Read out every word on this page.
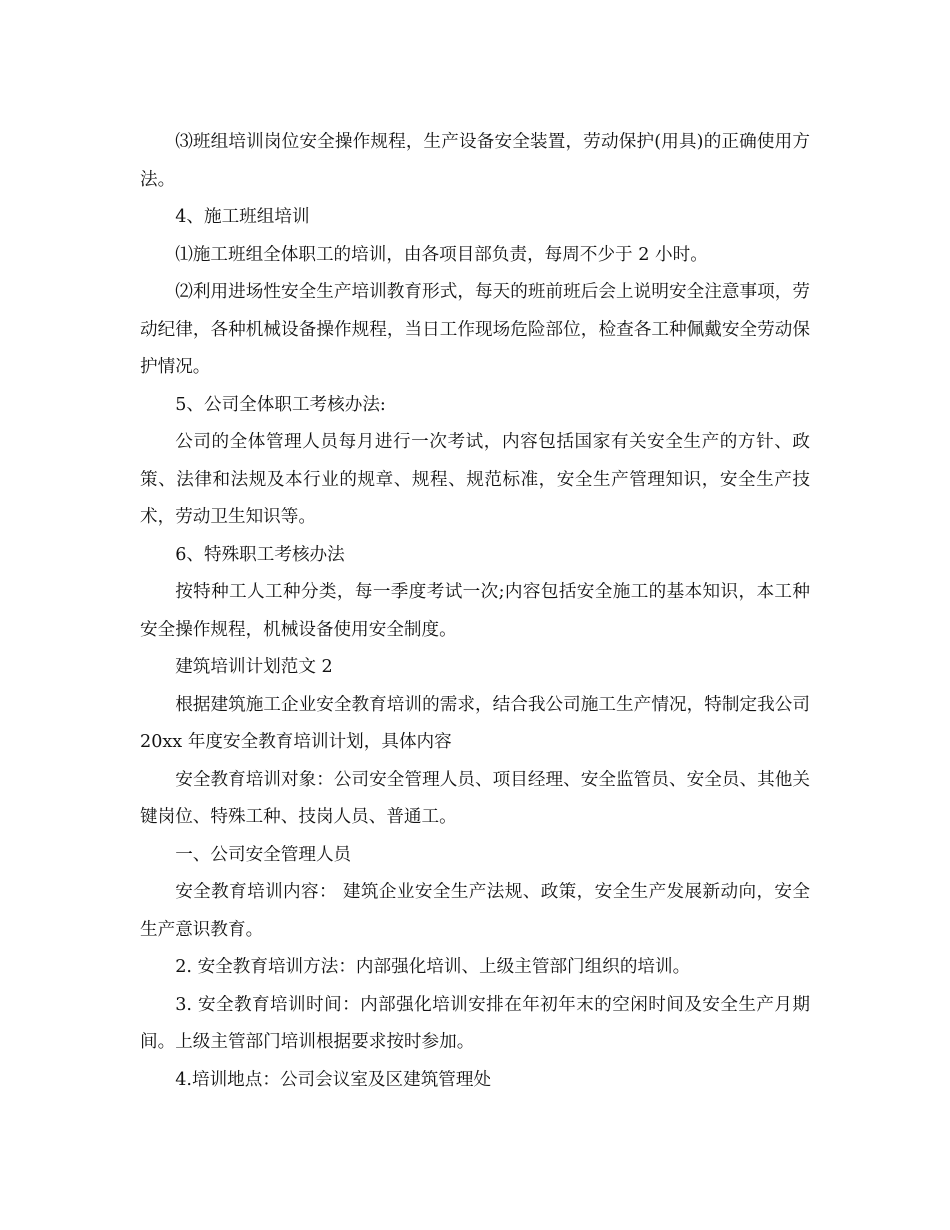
⑶班组培训岗位安全操作规程，生产设备安全装置，劳动保护(用具)的正确使用方法。

4、施工班组培训

⑴施工班组全体职工的培训，由各项目部负责，每周不少于 2 小时。

⑵利用进场性安全生产培训教育形式，每天的班前班后会上说明安全注意事项，劳动纪律，各种机械设备操作规程，当日工作现场危险部位，检查各工种佩戴安全劳动保护情况。

5、公司全体职工考核办法:

公司的全体管理人员每月进行一次考试，内容包括国家有关安全生产的方针、政策、法律和法规及本行业的规章、规程、规范标准，安全生产管理知识，安全生产技术，劳动卫生知识等。

6、特殊职工考核办法

按特种工人工种分类，每一季度考试一次;内容包括安全施工的基本知识，本工种安全操作规程，机械设备使用安全制度。

建筑培训计划范文 2

根据建筑施工企业安全教育培训的需求，结合我公司施工生产情况，特制定我公司 20xx 年度安全教育培训计划，具体内容

安全教育培训对象：公司安全管理人员、项目经理、安全监管员、安全员、其他关键岗位、特殊工种、技岗人员、普通工。

一、公司安全管理人员

安全教育培训内容： 建筑企业安全生产法规、政策，安全生产发展新动向，安全生产意识教育。

2. 安全教育培训方法：内部强化培训、上级主管部门组织的培训。

3. 安全教育培训时间：内部强化培训安排在年初年末的空闲时间及安全生产月期间。上级主管部门培训根据要求按时参加。

4.培训地点：公司会议室及区建筑管理处
